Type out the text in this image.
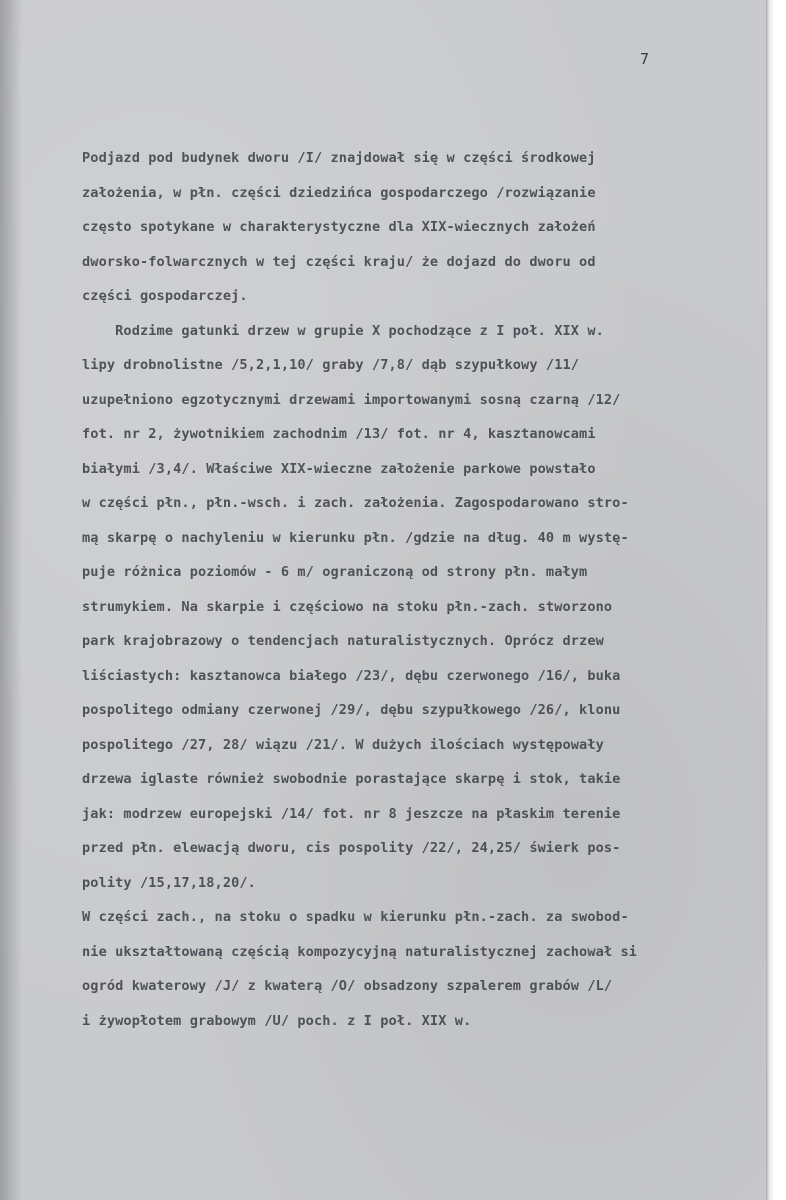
7
Podjazd pod budynek dworu /I/ znajdował się w części środkowej
założenia, w płn. części dziedzińca gospodarczego /rozwiązanie
często spotykane w charakterystyczne dla XIX-wiecznych założeń
dworsko-folwarcznych w tej części kraju/ że dojazd do dworu od
części gospodarczej.
Rodzime gatunki drzew w grupie X pochodzące z I poł. XIX w.
lipy drobnolistne /5,2,1,10/ graby /7,8/ dąb szypułkowy /11/
uzupełniono egzotycznymi drzewami importowanymi sosną czarną /12/
fot. nr 2, żywotnikiem zachodnim /13/ fot. nr 4, kasztanowcami
białymi /3,4/. Właściwe XIX-wieczne założenie parkowe powstało
w części płn., płn.-wsch. i zach. założenia. Zagospodarowano stro-
mą skarpę o nachyleniu w kierunku płn. /gdzie na dług. 40 m wystę-
puje różnica poziomów - 6 m/ ograniczoną od strony płn. małym
strumykiem. Na skarpie i częściowo na stoku płn.-zach. stworzono
park krajobrazowy o tendencjach naturalistycznych. Oprócz drzew
liściastych: kasztanowca białego /23/, dębu czerwonego /16/, buka
pospolitego odmiany czerwonej /29/, dębu szypułkowego /26/, klonu
pospolitego /27, 28/ wiązu /21/. W dużych ilościach występowały
drzewa iglaste również swobodnie porastające skarpę i stok, takie
jak: modrzew europejski /14/ fot. nr 8 jeszcze na płaskim terenie
przed płn. elewacją dworu, cis pospolity /22/, 24,25/ świerk pos-
polity /15,17,18,20/.
W części zach., na stoku o spadku w kierunku płn.-zach. za swobod-
nie ukształtowaną częścią kompozycyjną naturalistycznej zachował si
ogród kwaterowy /J/ z kwaterą /O/ obsadzony szpalerem grabów /L/
i żywopłotem grabowym /U/ poch. z I poł. XIX w.
